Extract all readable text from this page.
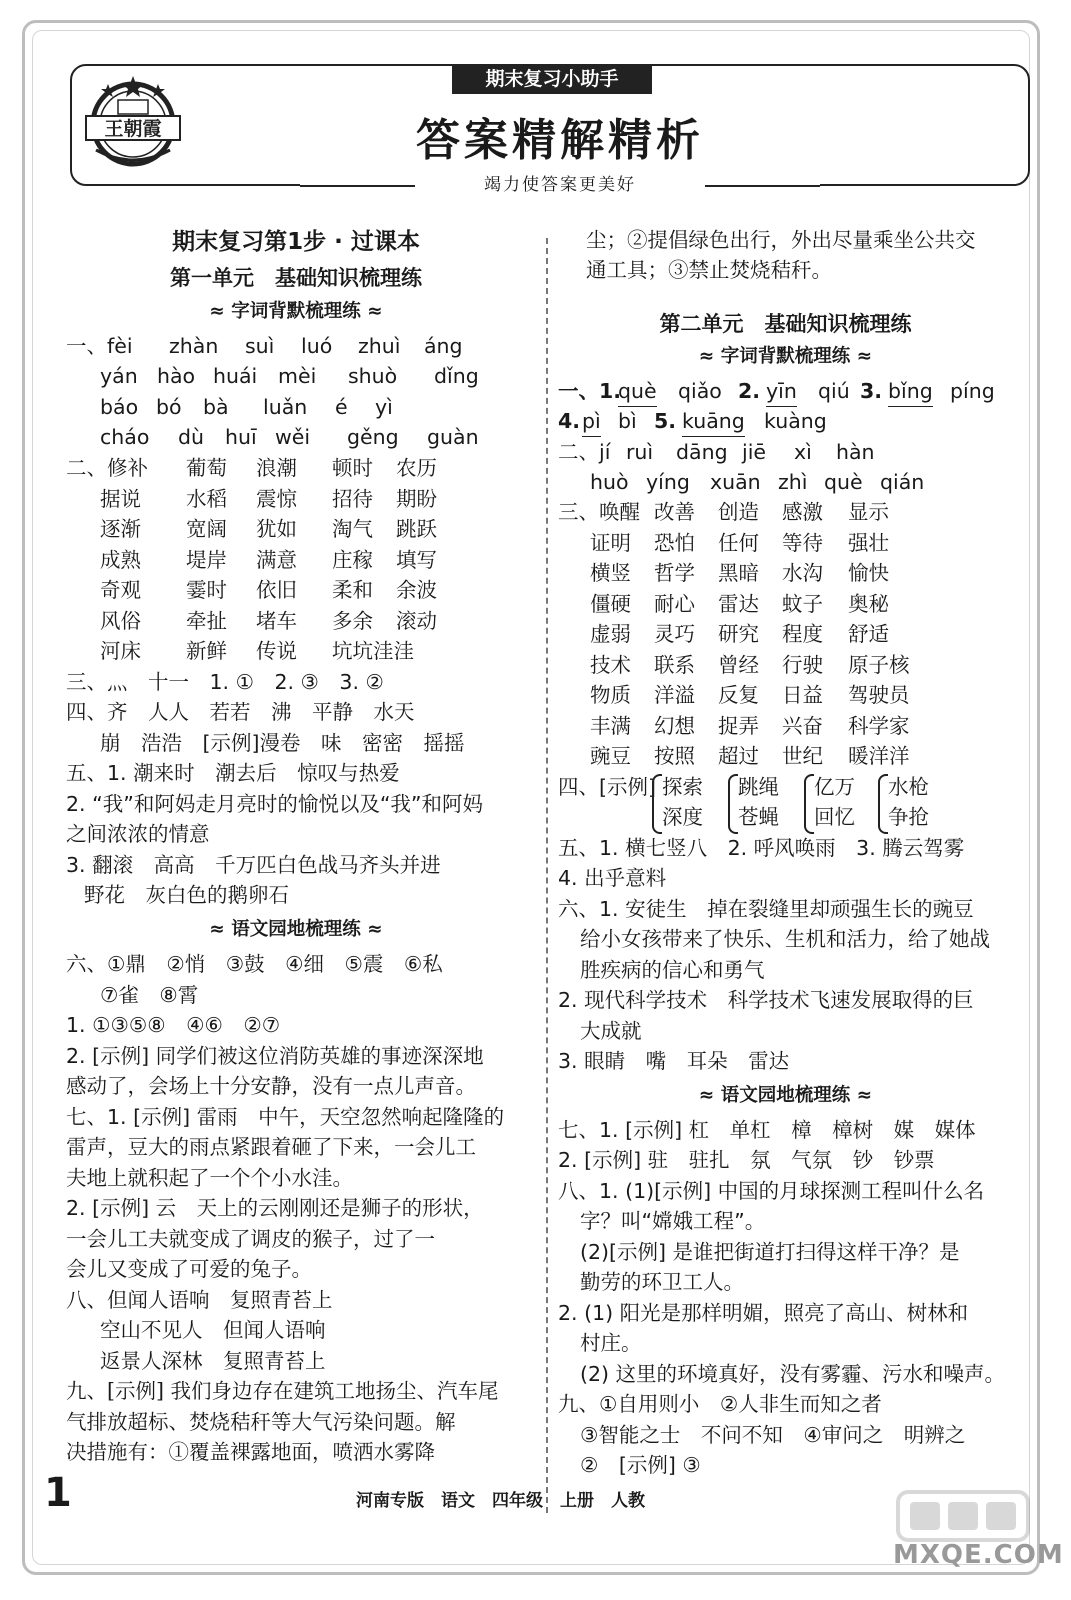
王朝霞
期末复习小助手
答案精解精析
竭力使答案更美好
期末复习第1步 · 过课本
第一单元　基础知识梳理练
≈ 字词背默梳理练 ≈
一、fèi zhàn suì luó zhuì áng
yán hào huái mèi shuò dǐng
báo bó bà luǎn é yì
cháo dù huī wěi gěng guàn
二、修补 葡萄 浪潮 顿时 农历
据说 水稻 震惊 招待 期盼
逐渐 宽阔 犹如 淘气 跳跃
成熟 堤岸 满意 庄稼 填写
奇观 霎时 依旧 柔和 余波
风俗 牵扯 堵车 多余 滚动
河床 新鲜 传说 坑坑洼洼
三、灬　十一　1. ①　2. ③　3. ②
四、齐　人人　若若　沸　平静　水天
崩　浩浩　[示例]漫卷　味　密密　摇摇
五、1. 潮来时　潮去后　惊叹与热爱
2. “我”和阿妈走月亮时的愉悦以及“我”和阿妈
之间浓浓的情意
3. 翻滚　高高　千万匹白色战马齐头并进
野花　灰白色的鹅卵石
≈ 语文园地梳理练 ≈
六、①鼎　②悄　③鼓　④细　⑤震　⑥私
⑦雀　⑧霄
1. ①③⑤⑧　④⑥　②⑦
2. [示例] 同学们被这位消防英雄的事迹深深地
感动了，会场上十分安静，没有一点儿声音。
七、1. [示例] 雷雨　中午，天空忽然响起隆隆的
雷声，豆大的雨点紧跟着砸了下来，一会儿工
夫地上就积起了一个个小水洼。
2. [示例] 云　天上的云刚刚还是狮子的形状，
一会儿工夫就变成了调皮的猴子，过了一
会儿又变成了可爱的兔子。
八、但闻人语响　复照青苔上
空山不见人　但闻人语响
返景人深林　复照青苔上
九、[示例] 我们身边存在建筑工地扬尘、汽车尾
气排放超标、焚烧秸秆等大气污染问题。解
决措施有：①覆盖裸露地面，喷洒水雾降
尘；②提倡绿色出行，外出尽量乘坐公共交
通工具；③禁止焚烧秸秆。
第二单元　基础知识梳理练
≈ 字词背默梳理练 ≈
一、1.què qiǎo 2. yīn qiú 3. bǐng píng
4.pì bì 5. kuāng kuàng
二、jí ruì dāng jiē xì hàn
huò yíng xuān zhì què qián
三、唤醒 改善 创造 感激 显示
证明 恐怕 任何 等待 强壮
横竖 哲学 黑暗 水沟 愉快
僵硬 耐心 雷达 蚊子 奥秘
虚弱 灵巧 研究 程度 舒适
技术 联系 曾经 行驶 原子核
物质 洋溢 反复 日益 驾驶员
丰满 幻想 捉弄 兴奋 科学家
豌豆 按照 超过 世纪 暖洋洋
四、[示例] 探索
深度
跳绳
苍蝇
亿万
回忆
水枪
争抢
五、1. 横七竖八　2. 呼风唤雨　3. 腾云驾雾
4. 出乎意料
六、1. 安徒生　掉在裂缝里却顽强生长的豌豆
给小女孩带来了快乐、生机和活力，给了她战
胜疾病的信心和勇气
2. 现代科学技术　科学技术飞速发展取得的巨
大成就
3. 眼睛　嘴　耳朵　雷达
≈ 语文园地梳理练 ≈
七、1. [示例] 杠　单杠　樟　樟树　媒　媒体
2. [示例] 驻　驻扎　氛　气氛　钞　钞票
八、1. (1)[示例] 中国的月球探测工程叫什么名
字？叫“嫦娥工程”。
(2)[示例] 是谁把街道打扫得这样干净？是
勤劳的环卫工人。
2. (1) 阳光是那样明媚，照亮了高山、树林和
村庄。
(2) 这里的环境真好，没有雾霾、污水和噪声。
九、①自用则小　②人非生而知之者
③智能之士　不问不知　④审问之　明辨之
②　[示例] ③
1	河南专版　语文　四年级　上册　人教
MXQE.COM
